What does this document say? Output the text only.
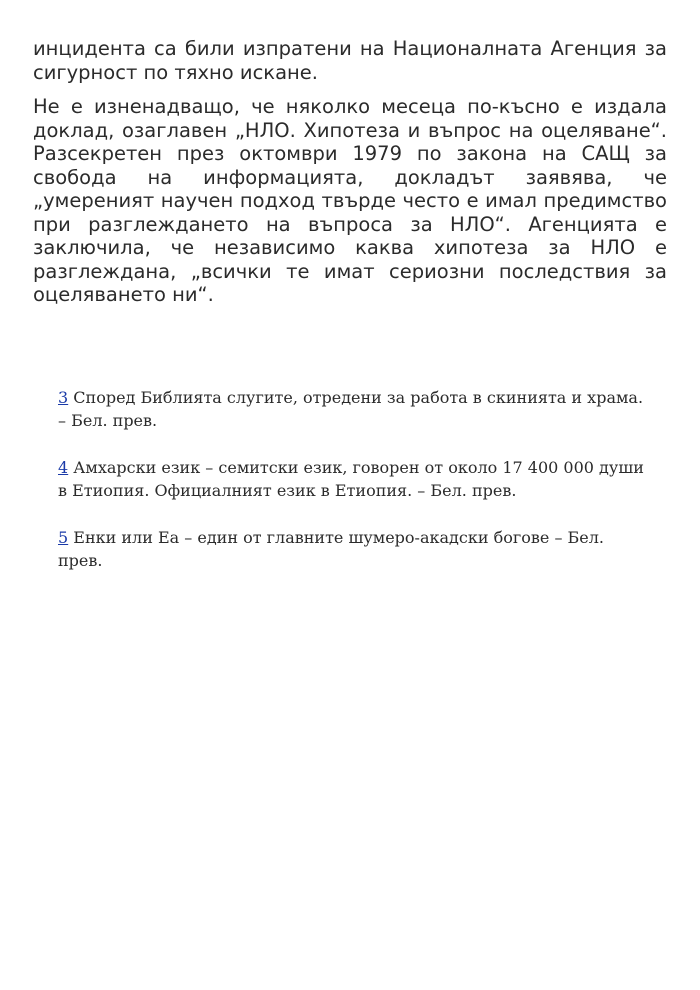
инцидента са били изпратени на Националната Агенция за сигурност по тяхно искане.

Не е изненадващо, че няколко месеца по-късно е издала доклад, озаглавен „НЛО. Хипотеза и въпрос на оцеляване“. Разсекретен през октомври 1979 по закона на САЩ за свобода на информацията, докладът заявява, че „умереният научен подход твърде често е имал предимство при разглеждането на въпроса за НЛО“. Агенцията е заключила, че независимо каква хипотеза за НЛО е разглеждана, „всички те имат сериозни последствия за оцеляването ни“.

3 Според Библията слугите, отредени за работа в скинията и храма. – Бел. прев.

4 Амхарски език – семитски език, говорен от около 17 400 000 души в Етиопия. Официалният език в Етиопия. – Бел. прев.

5 Енки или Еа – един от главните шумеро-акадски богове – Бел. прев.
